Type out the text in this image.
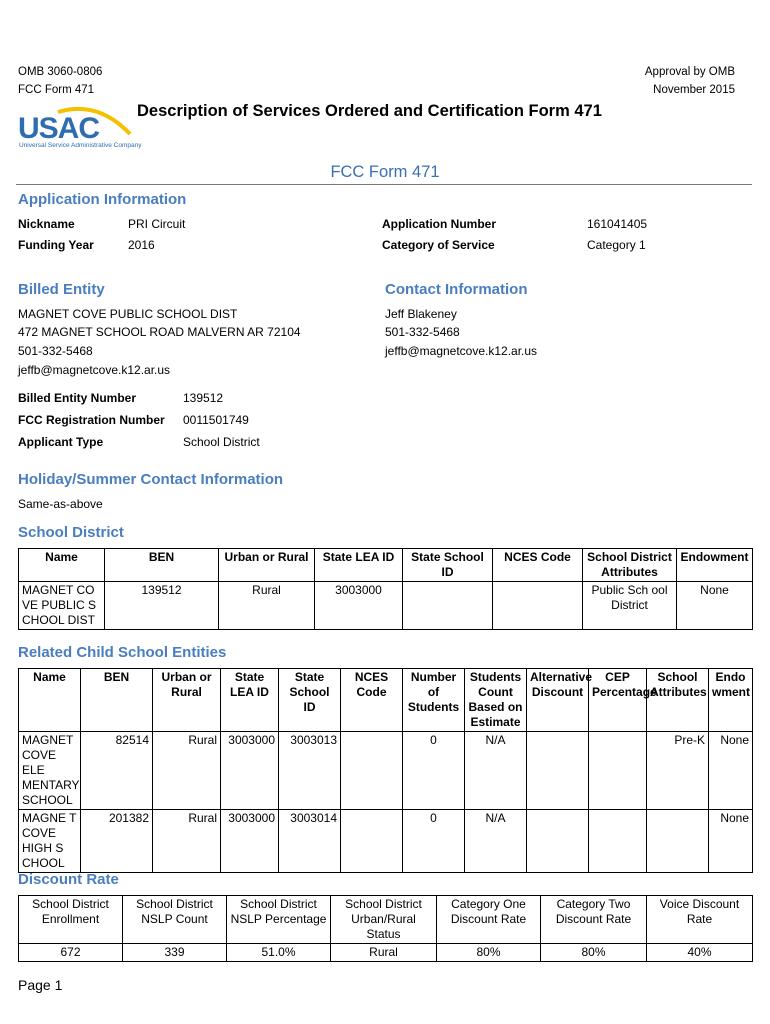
OMB 3060-0806
FCC Form 471
Approval by OMB
November 2015
USAC
Universal Service Administrative Company
Description of Services Ordered and Certification Form 471
FCC Form 471
Application Information
Nickname	PRI Circuit
Funding Year	2016
Application Number	161041405
Category of Service	Category 1
Billed Entity
MAGNET COVE PUBLIC SCHOOL DIST
472 MAGNET SCHOOL ROAD MALVERN AR 72104
501-332-5468
jeffb@magnetcove.k12.ar.us
Billed Entity Number	139512
FCC Registration Number 0011501749
Applicant Type	School District
Contact Information
Jeff Blakeney
501-332-5468
jeffb@magnetcove.k12.ar.us
Holiday/Summer Contact Information
Same-as-above
School District
Name	BEN	Urban or Rural	State LEA ID	State School ID	NCES Code	School District Attributes	Endowment
MAGNET CO VE PUBLIC S CHOOL DIST	139512	Rural	3003000			Public Sch ool District	None
Related Child School Entities
Name	BEN	Urban or Rural	State LEA ID	State School ID	NCES Code	Number of Students	Students Count Based on Estimate	Alternative Discount	CEP Percentage	School Attributes	Endo wment
MAGNET COVE ELE MENTARY SCHOOL	82514	Rural	3003000	3003013		0	N/A			Pre-K	None
MAGNE T COVE HIGH S CHOOL	201382	Rural	3003000	3003014		0	N/A				None
Discount Rate
School District Enrollment	School District NSLP Count	School District NSLP Percentage	School District Urban/Rural Status	Category One Discount Rate	Category Two Discount Rate	Voice Discount Rate
672	339	51.0%	Rural	80%	80%	40%
Page 1
